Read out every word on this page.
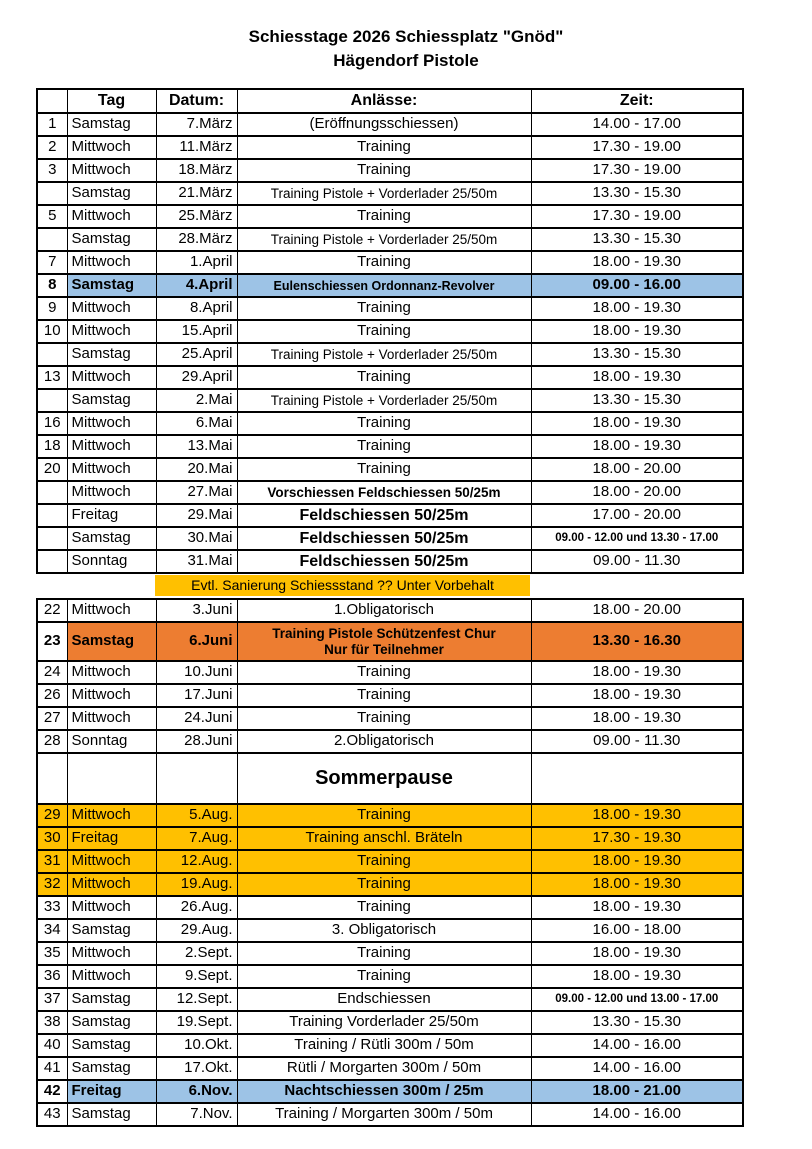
Schiesstage 2026 Schiessplatz "Gnöd"
Hägendorf Pistole
	Tag	Datum:	Anlässe:	Zeit:
1	Samstag	7.März	(Eröffnungsschiessen)	14.00 - 17.00
2	Mittwoch	11.März	Training	17.30 - 19.00
3	Mittwoch	18.März	Training	17.30 - 19.00
	Samstag	21.März	Training Pistole + Vorderlader 25/50m	13.30 - 15.30
5	Mittwoch	25.März	Training	17.30 - 19.00
	Samstag	28.März	Training Pistole + Vorderlader 25/50m	13.30 - 15.30
7	Mittwoch	1.April	Training	18.00 - 19.30
8	Samstag	4.April	Eulenschiessen Ordonnanz-Revolver	09.00 - 16.00
9	Mittwoch	8.April	Training	18.00 - 19.30
10	Mittwoch	15.April	Training	18.00 - 19.30
	Samstag	25.April	Training Pistole + Vorderlader 25/50m	13.30 - 15.30
13	Mittwoch	29.April	Training	18.00 - 19.30
	Samstag	2.Mai	Training Pistole + Vorderlader 25/50m	13.30 - 15.30
16	Mittwoch	6.Mai	Training	18.00 - 19.30
18	Mittwoch	13.Mai	Training	18.00 - 19.30
20	Mittwoch	20.Mai	Training	18.00 - 20.00
	Mittwoch	27.Mai	Vorschiessen Feldschiessen 50/25m	18.00 - 20.00
	Freitag	29.Mai	Feldschiessen 50/25m	17.00 - 20.00
	Samstag	30.Mai	Feldschiessen 50/25m	09.00 - 12.00 und 13.30 - 17.00
	Sonntag	31.Mai	Feldschiessen 50/25m	09.00 - 11.30
Evtl. Sanierung Schiessstand ?? Unter Vorbehalt
22	Mittwoch	3.Juni	1.Obligatorisch	18.00 - 20.00
23	Samstag	6.Juni	Training Pistole Schützenfest Chur
Nur für Teilnehmer	13.30 - 16.30
24	Mittwoch	10.Juni	Training	18.00 - 19.30
26	Mittwoch	17.Juni	Training	18.00 - 19.30
27	Mittwoch	24.Juni	Training	18.00 - 19.30
28	Sonntag	28.Juni	2.Obligatorisch	09.00 - 11.30
			Sommerpause	
29	Mittwoch	5.Aug.	Training	18.00 - 19.30
30	Freitag	7.Aug.	Training anschl. Bräteln	17.30 - 19.30
31	Mittwoch	12.Aug.	Training	18.00 - 19.30
32	Mittwoch	19.Aug.	Training	18.00 - 19.30
33	Mittwoch	26.Aug.	Training	18.00 - 19.30
34	Samstag	29.Aug.	3. Obligatorisch	16.00 - 18.00
35	Mittwoch	2.Sept.	Training	18.00 - 19.30
36	Mittwoch	9.Sept.	Training	18.00 - 19.30
37	Samstag	12.Sept.	Endschiessen	09.00 - 12.00 und 13.00 - 17.00
38	Samstag	19.Sept.	Training Vorderlader 25/50m	13.30 - 15.30
40	Samstag	10.Okt.	Training / Rütli 300m / 50m	14.00 - 16.00
41	Samstag	17.Okt.	Rütli / Morgarten 300m / 50m	14.00 - 16.00
42	Freitag	6.Nov.	Nachtschiessen 300m / 25m	18.00 - 21.00
43	Samstag	7.Nov.	Training / Morgarten 300m / 50m	14.00 - 16.00
